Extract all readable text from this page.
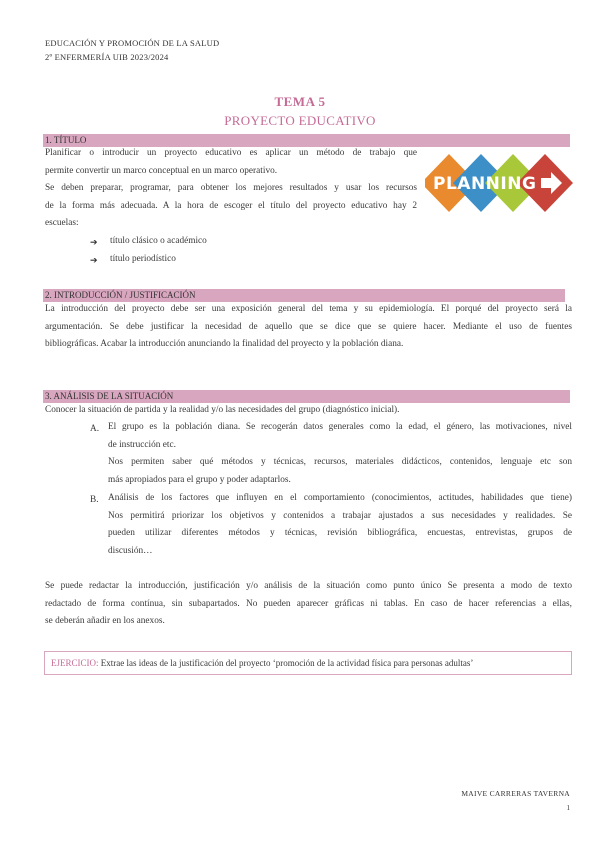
EDUCACIÓN Y PROMOCIÓN DE LA SALUD
2º ENFERMERÍA UIB 2023/2024
TEMA 5
PROYECTO EDUCATIVO
1. TÍTULO
Planificar o introducir un proyecto educativo es aplicar un método de trabajo que
permite convertir un marco conceptual en un marco operativo.
Se deben preparar, programar, para obtener los mejores resultados y usar los recursos
de la forma más adecuada. A la hora de escoger el título del proyecto educativo hay 2
escuelas:
➔ título clásico o académico
➔ título periodístico
PLANNING
2. INTRODUCCIÓN / JUSTIFICACIÓN
La introducción del proyecto debe ser una exposición general del tema y su epidemiología. El porqué del proyecto será la
argumentación. Se debe justificar la necesidad de aquello que se dice que se quiere hacer. Mediante el uso de fuentes
bibliográficas. Acabar la introducción anunciando la finalidad del proyecto y la población diana.
3. ANÁLISIS DE LA SITUACIÓN
Conocer la situación de partida y la realidad y/o las necesidades del grupo (diagnóstico inicial).
A. El grupo es la población diana. Se recogerán datos generales como la edad, el género, las motivaciones, nivel
de instrucción etc.
Nos permiten saber qué métodos y técnicas, recursos, materiales didácticos, contenidos, lenguaje etc son
más apropiados para el grupo y poder adaptarlos.
B. Análisis de los factores que influyen en el comportamiento (conocimientos, actitudes, habilidades que tiene)
Nos permitirá priorizar los objetivos y contenidos a trabajar ajustados a sus necesidades y realidades. Se
pueden utilizar diferentes métodos y técnicas, revisión bibliográfica, encuestas, entrevistas, grupos de
discusión…
Se puede redactar la introducción, justificación y/o análisis de la situación como punto único Se presenta a modo de texto
redactado de forma contínua, sin subapartados. No pueden aparecer gráficas ni tablas. En caso de hacer referencias a ellas,
se deberán añadir en los anexos.
EJERCICIO: Extrae las ideas de la justificación del proyecto ‘promoción de la actividad física para personas adultas’
MAIVE CARRERAS TAVERNA
1
